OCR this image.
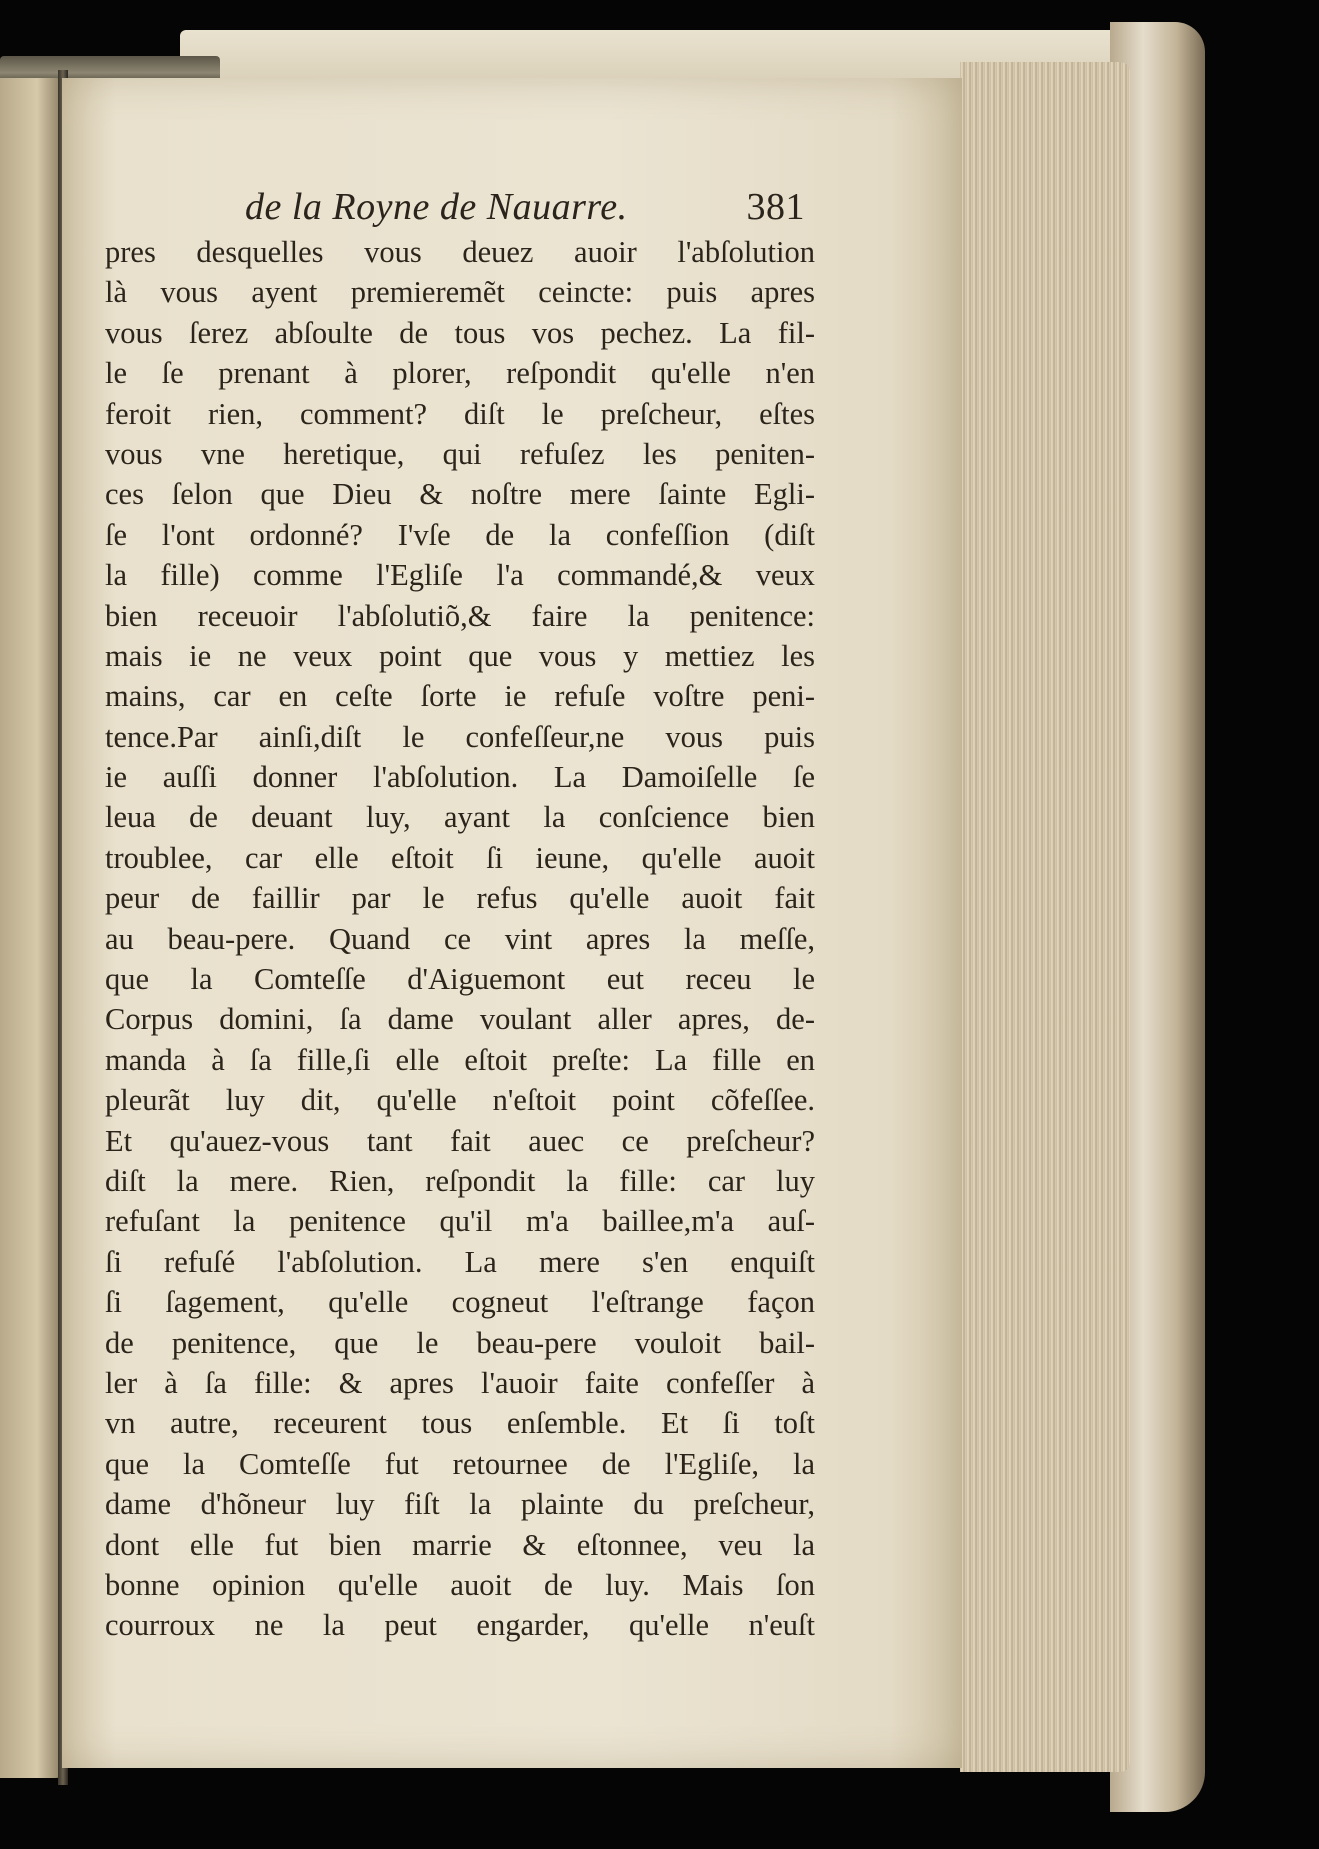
de la Royne de Nauarre.	381
pres desquelles vous deuez auoir l'abſolution
là vous ayent premieremẽt ceincte: puis apres
vous ſerez abſoulte de tous vos pechez. La fil-
le ſe prenant à plorer, reſpondit qu'elle n'en
feroit rien, comment? diſt le preſcheur, eſtes
vous vne heretique, qui refuſez les peniten-
ces ſelon que Dieu & noſtre mere ſainte Egli-
ſe l'ont ordonné? I'vſe de la confeſſion (diſt
la fille) comme l'Egliſe l'a commandé,& veux
bien receuoir l'abſolutiõ,& faire la penitence:
mais ie ne veux point que vous y mettiez les
mains, car en ceſte ſorte ie refuſe voſtre peni-
tence.Par ainſi,diſt le confeſſeur,ne vous puis
ie auſſi donner l'abſolution. La Damoiſelle ſe
leua de deuant luy, ayant la conſcience bien
troublee, car elle eſtoit ſi ieune, qu'elle auoit
peur de faillir par le refus qu'elle auoit fait
au beau-pere. Quand ce vint apres la meſſe,
que la Comteſſe d'Aiguemont eut receu le
Corpus domini, ſa dame voulant aller apres, de-
manda à ſa fille,ſi elle eſtoit preſte: La fille en
pleurãt luy dit, qu'elle n'eſtoit point cõfeſſee.
Et qu'auez-vous tant fait auec ce preſcheur?
diſt la mere. Rien, reſpondit la fille: car luy
refuſant la penitence qu'il m'a baillee,m'a auſ-
ſi refuſé l'abſolution. La mere s'en enquiſt
ſi ſagement, qu'elle cogneut l'eſtrange façon
de penitence, que le beau-pere vouloit bail-
ler à ſa fille: & apres l'auoir faite confeſſer à
vn autre, receurent tous enſemble. Et ſi toſt
que la Comteſſe fut retournee de l'Egliſe, la
dame d'hõneur luy fiſt la plainte du preſcheur,
dont elle fut bien marrie & eſtonnee, veu la
bonne opinion qu'elle auoit de luy. Mais ſon
courroux ne la peut engarder, qu'elle n'euſt
